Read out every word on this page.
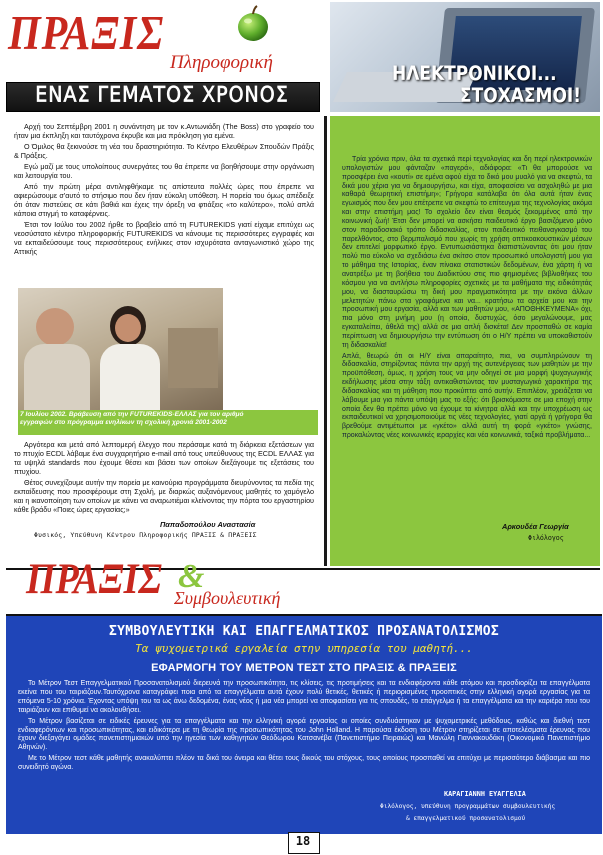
ΠΡΑΞΙΣ
Πληροφορική
ΕΝΑΣ ΓΕΜΑΤΟΣ ΧΡΟΝΟΣ
ΗΛΕΚΤΡΟΝΙΚΟΙ...
ΣΤΟΧΑΣΜΟΙ!

Αρχή του Σεπτέμβρη 2001 η συνάντηση με τον κ.Αντωνιάδη (The Boss) στο γραφείο του ήταν μια έκπληξη και ταυτόχρονα έκρυβε και μια πρόκληση για εμένα.

Ο Όμιλος θα ξεκινούσε τη νέα του δραστηριότητα. Το Κέντρο Ελευθέρων Σπουδών Πράξις & Πράξεις.

Εγώ μαζί με τους υπολοίπους συνεργάτες του θα έπρεπε να βοηθήσουμε στην οργάνωση και λειτουργία του.

Από την πρώτη μέρα αντιληφθήκαμε τις απίστευτα πολλές ώρες που έπρεπε να αφιερώσουμε σ'αυτό το στήσιμο που δεν ήταν εύκολη υπόθεση. Η πορεία του όμως απέδειξε ότι όταν πιστεύεις σε κάτι βαθιά και έχεις την όρεξη να φτιάξεις «το καλύτερο», πολύ απλά κάποια στιγμή το καταφέρνεις.

Έτσι τον Ιούλιο του 2002 ήρθε το βραβείο από τη FUTUREKIDS γιατί είχαμε επιτύχει ως νεοσύστατο κέντρο πληροφορικής FUTUREKIDS να κάνουμε τις περισσότερες εγγραφές και να εκπαιδεύσουμε τους περισσότερους ενήλικες στον ισχυρότατα ανταγωνιστικό χώρο της Αττικής

7 Ιουλίου 2002. Βράβευση από την FUTUREKIDS-ΕΛΛΑΣ για τον αριθμό εγγραφών στο πρόγραμμα ενηλίκων τη σχολική χρονιά 2001-2002

Αργότερα και μετά από λεπτομερή έλεγχο που περάσαμε κατά τη διάρκεια εξετάσεων για το πτυχίο ECDL λάβαμε ένα συγχαρητήριο e-mail από τους υπεύθυνους της ECDL ΕΛΛΑΣ για τα υψηλά standards που έχουμε θέσει και βάσει των οποίων διεξάγουμε τις εξετάσεις του πτυχίου.

Θέτος συνεχίζουμε αυτήν την πορεία με καινούρια προγράμματα διευρύνοντας τα πεδία της εκπαίδευσης που προσφέρουμε στη Σχολή, με διαρκώς αυξανόμενους μαθητές το χαμόγελο και η ικανοποίηση των οποίων με κάνει να αναρωτιέμαι κλείνοντας την πόρτα του εργαστηρίου κάθε βράδυ «Ποιες ώρες εργασίας;»

Παπαδοπούλου Αναστασία
Φυσικός, Υπεύθυνη Κέντρου Πληροφορικής ΠΡΑΞΙΣ & ΠΡΑΞΕΙΣ

Τρία χρόνια πριν, όλα τα σχετικά περί τεχνολογίας και δη περί ηλεκτρονικών υπολογιστών μου φάνταζαν «παγερά», αδιάφορα: «Τι θα μπορούσε να προσφέρει ένα «κουτί» σε εμένα αφού είχα το δικό μου μυαλό για να σκεφτώ, τα δικά μου χέρια για να δημιουργήσω, και είχα, αποφασίσει να ασχοληθώ με μια καθαρά θεωρητική επιστήμη»; Γρήγορα κατάλαβα ότι όλα αυτά ήταν ένας εγωισμός που δεν μου επέτρεπε να σκεφτώ το επίτευγμα της τεχνολογίας ακόμα και στην επιστήμη μας! Το σχολείο δεν είναι θεσμός ξεκομμένος από την κοινωνική ζωή! Έτσι δεν μπορεί να ασκήσει παιδευτικό έργο βασιζόμενο μόνο στον παραδοσιακό τρόπο διδασκαλίας, στον παιδευτικό πειθαναγκασμό του παρελθόντος, στο βερμπαλισμό που χωρίς τη χρήση οπτικοακουστικών μέσων δεν επιτελεί μορφωτικό έργο. Εντυπωσιάστηκα διαπιστώνοντας ότι μου ήταν πολύ πιο εύκολο να σχεδιάσω ένα σκίτσο στον προσωπικό υπολογιστή μου για το μάθημα της Ιστορίας, έναν πίνακα στατιστικών δεδομένων, ένα χάρτη ή να ανατρέξω με τη βοήθεια του Διαδικτύου στις πιο φημισμένες βιβλιοθήκες του κόσμου για να αντλήσω πληροφορίες σχετικές με τα μαθήματα της ειδικότητάς μου, να διασταυρώσω τη δική μου πραγματικότητα με την εικόνα άλλων μελετητών πάνω στα γραφόμενα και να... κρατήσω τα αρχεία μου και την προσωπική μου εργασία, αλλά και των μαθητών μου, «ΑΠΟΘΗΚΕΥΜΕΝΑ» όχι, πια μόνο στη μνήμη μου (η οποία, δυστυχώς, όσο μεγαλώνουμε, μας εγκαταλείπει, άθελά της) αλλά σε μια απλή δισκέτα! Δεν προσπαθώ σε καμία περίπτωση να δημιουργήσω την εντύπωση ότι ο Η/Υ πρέπει να υποκαθιστούν τη διδασκαλία!

Απλά, θεωρώ ότι οι Η/Υ είναι απαραίτητο, πια, να συμπληρώνουν τη διδασκαλία, στηρίζοντας πάντα την αρχή της αυτενέργειας των μαθητών με την προϋπόθεση, όμως, η χρήση τους να μην οδηγεί σε μια μορφή ψυχαγωγικής εκδήλωσης μέσα στην τάξη αντικαθιστώντας τον μυσταγωγικό χαρακτήρα της διδασκαλίας και τη μάθηση που προκύπτει από αυτήν. Επιπλέον, χρειάζεται να λάβουμε μια για πάντα υπόψη μας το εξής: ότι βρισκόμαστε σε μια εποχή στην οποία δεν θα πρέπει μόνο να έχουμε τα κίνητρα αλλά και την υποχρέωση ως εκπαιδευτικοί να χρησιμοποιούμε τις νέες τεχνολογίες, γιατί αργά ή γρήγορα θα βρεθούμε αντιμέτωποι με «γκέτο» αλλά αυτή τη φορά «γκέτο» γνώσης, προκαλώντας νέες κοινωνικές ιεραρχίες και νέα κοινωνικά, ταξικά προβλήματα...

Αρκουδέα Γεωργία
Φιλόλογος
ΠΡΑΞΙΣ &
Συμβουλευτική
ΣΥΜΒΟΥΛΕΥΤΙΚΗ ΚΑΙ ΕΠΑΓΓΕΛΜΑΤΙΚΟΣ ΠΡΟΣΑΝΑΤΟΛΙΣΜΟΣ
Τα ψυχομετρικά εργαλεία στην υπηρεσία του μαθητή...
ΕΦΑΡΜΟΓΗ ΤΟΥ ΜΕΤΡΟΝ ΤΕΣΤ ΣΤΟ ΠΡΑΞΙΣ & ΠΡΑΞΕΙΣ

Το Μέτρον Τεστ Επαγγελματικού Προσανατολισμού διερευνά την προσωπικότητα, τις κλίσεις, τις προτιμήσεις και τα ενδιαφέροντα κάθε ατόμου και προσδιορίζει τα επαγγέλματα εκείνα που του ταιριάζουν.Ταυτόχρονα καταγράφει ποια από τα επαγγέλματα αυτά έχουν πολύ θετικές, θετικές ή περιορισμένες προοπτικές στην ελληνική αγορά εργασίας για τα επόμενα 5-10 χρόνια. Έχοντας υπόψη του τα ως άνω δεδομένα, ένας νέος ή μια νέα μπορεί να αποφασίσει για τις σπουδές, το επάγγελμα ή τα επαγγέλματα και την καριέρα που του ταιριάζουν και επιθυμεί να ακολουθήσει.

Το Μέτρον βασίζεται σε ειδικές έρευνες για τα επαγγέλματα και την ελληνική αγορά εργασίας οι οποίες συνδυάστηκαν με ψυχομετρικές μεθόδους, καθώς και διεθνή τεστ ενδιαφερόντων και προσωπικότητας, και ειδικότερα με τη θεωρία της προσωπικότητας του John Holland. Η παρούσα έκδοση του Μέτρον στηρίζεται σε αποτελέσματα έρευνας που έχουν διεξαγάγει ομάδες πανεπιστημιακών υπό την ηγεσία των καθηγητών Θεόδωρου Κατσανέβα (Πανεπιστήμιο Πειραιώς) και Μανώλη Γιαννακουδάκη (Οικονομικό Πανεπιστήμιο Αθηνών).

Με το Μέτρον τεστ κάθε μαθητής ανακαλύπτει πλέον τα δικά του όνειρα και θέτει τους δικούς του στόχους, τους οποίους προσπαθεί να επιτύχει με περισσότερο διάβασμα και πιο συνειδητό αγώνα.

ΚΑΡΑΓΙΑΝΝΗ ΕΥΑΓΓΕΛΙΑ
Φιλόλογος, υπεύθυνη προγραμμάτων συμβουλευτικής
& επαγγελματικού προσανατολισμού
18
